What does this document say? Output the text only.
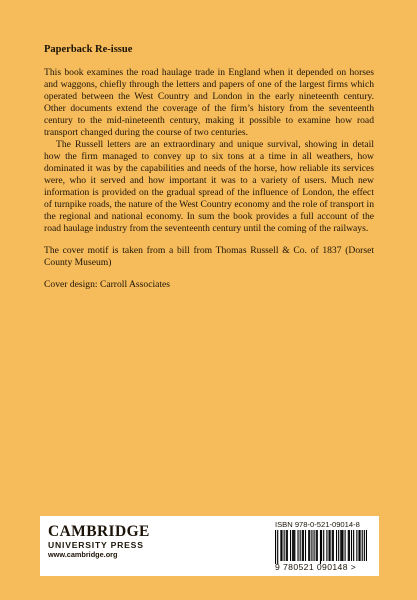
Paperback Re-issue

This book examines the road haulage trade in England when it depended on horses and waggons, chiefly through the letters and papers of one of the largest firms which operated between the West Country and London in the early nineteenth century. Other documents extend the coverage of the firm’s history from the seventeenth century to the mid-nineteenth century, making it possible to examine how road transport changed during the course of two centuries.

The Russell letters are an extraordinary and unique survival, showing in detail how the firm managed to convey up to six tons at a time in all weathers, how dominated it was by the capabilities and needs of the horse, how reliable its services were, who it served and how important it was to a variety of users. Much new information is provided on the gradual spread of the influence of London, the effect of turnpike roads, the nature of the West Country economy and the role of transport in the regional and national economy. In sum the book provides a full account of the road haulage industry from the seventeenth century until the coming of the railways.

The cover motif is taken from a bill from Thomas Russell & Co. of 1837 (Dorset County Museum)

Cover design: Carroll Associates

CAMBRIDGE
UNIVERSITY PRESS
www.cambridge.org
ISBN 978-0-521-09014-8
9 780521 090148 >
